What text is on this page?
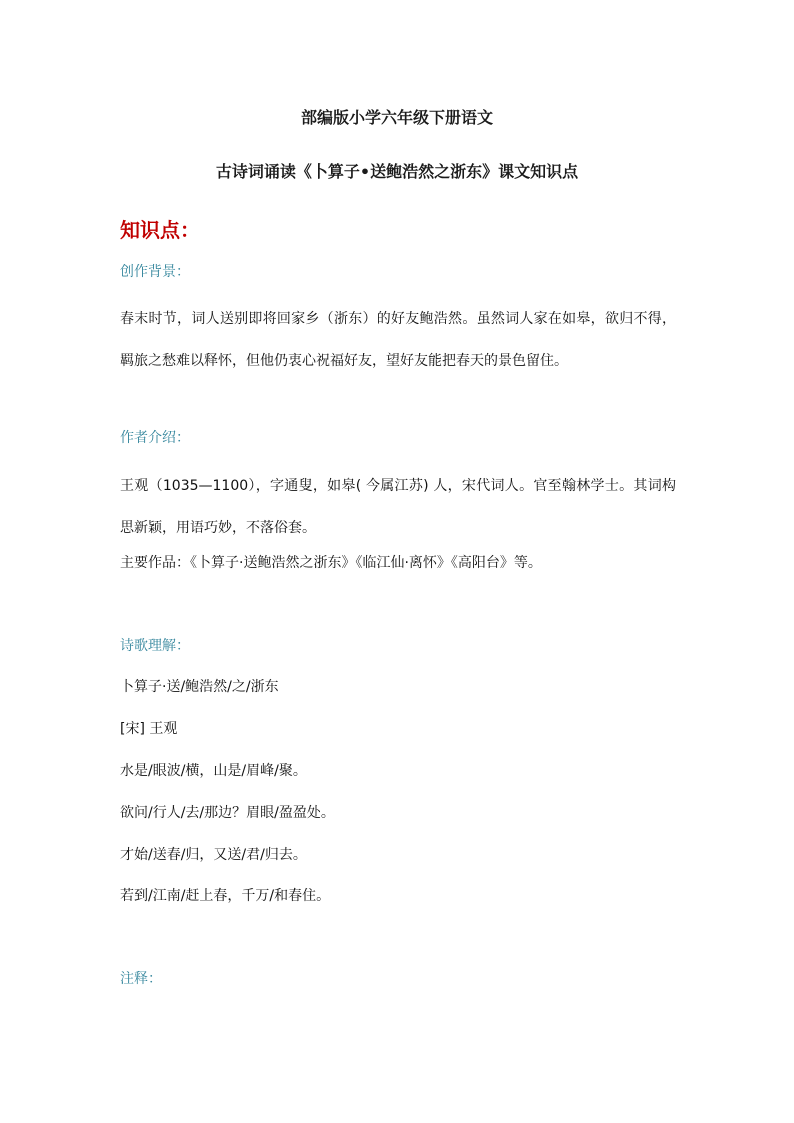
部编版小学六年级下册语文
古诗词诵读《卜算子•送鲍浩然之浙东》课文知识点
知识点：
创作背景：
春末时节，词人送别即将回家乡（浙东）的好友鲍浩然。虽然词人家在如皋，欲归不得，羁旅之愁难以释怀，但他仍衷心祝福好友，望好友能把春天的景色留住。
作者介绍：
王观（1035—1100），字通叟，如皋( 今属江苏) 人，宋代词人。官至翰林学士。其词构思新颖，用语巧妙，不落俗套。
主要作品：《卜算子·送鲍浩然之浙东》《临江仙·离怀》《高阳台》等。
诗歌理解：
卜算子·送/鲍浩然/之/浙东
[宋] 王观
水是/眼波/横，山是/眉峰/聚。
欲问/行人/去/那边？眉眼/盈盈处。
才始/送春/归，又送/君/归去。
若到/江南/赶上春，千万/和春住。
注释：
